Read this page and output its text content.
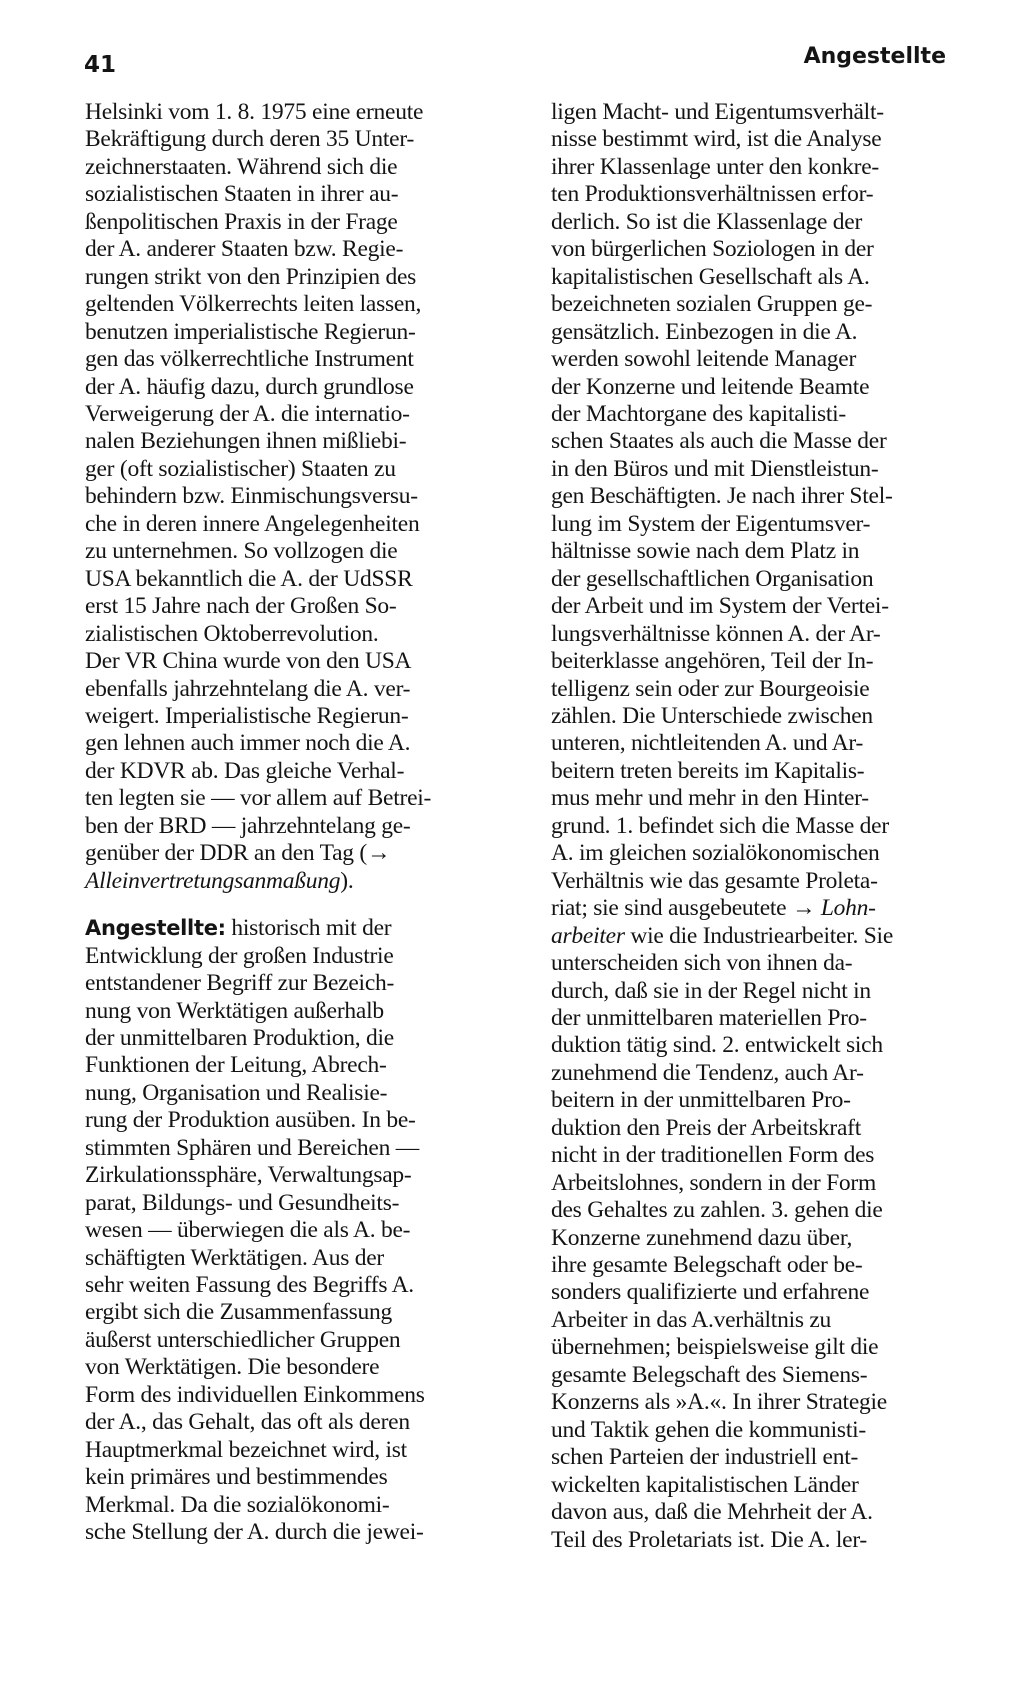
41	Angestellte

Helsinki vom 1. 8. 1975 eine erneute
Bekräftigung durch deren 35 Unter-
zeichnerstaaten. Während sich die
sozialistischen Staaten in ihrer au-
ßenpolitischen Praxis in der Frage
der A. anderer Staaten bzw. Regie-
rungen strikt von den Prinzipien des
geltenden Völkerrechts leiten lassen,
benutzen imperialistische Regierun-
gen das völkerrechtliche Instrument
der A. häufig dazu, durch grundlose
Verweigerung der A. die internatio-
nalen Beziehungen ihnen mißliebi-
ger (oft sozialistischer) Staaten zu
behindern bzw. Einmischungsversu-
che in deren innere Angelegenheiten
zu unternehmen. So vollzogen die
USA bekanntlich die A. der UdSSR
erst 15 Jahre nach der Großen So-
zialistischen Oktoberrevolution.
Der VR China wurde von den USA
ebenfalls jahrzehntelang die A. ver-
weigert. Imperialistische Regierun-
gen lehnen auch immer noch die A.
der KDVR ab. Das gleiche Verhal-
ten legten sie — vor allem auf Betrei-
ben der BRD — jahrzehntelang ge-
genüber der DDR an den Tag (→
Alleinvertretungsanmaßung).

Angestellte: historisch mit der
Entwicklung der großen Industrie
entstandener Begriff zur Bezeich-
nung von Werktätigen außerhalb
der unmittelbaren Produktion, die
Funktionen der Leitung, Abrech-
nung, Organisation und Realisie-
rung der Produktion ausüben. In be-
stimmten Sphären und Bereichen —
Zirkulationssphäre, Verwaltungsap-
parat, Bildungs- und Gesundheits-
wesen — überwiegen die als A. be-
schäftigten Werktätigen. Aus der
sehr weiten Fassung des Begriffs A.
ergibt sich die Zusammenfassung
äußerst unterschiedlicher Gruppen
von Werktätigen. Die besondere
Form des individuellen Einkommens
der A., das Gehalt, das oft als deren
Hauptmerkmal bezeichnet wird, ist
kein primäres und bestimmendes
Merkmal. Da die sozialökonomi-
sche Stellung der A. durch die jewei-

ligen Macht- und Eigentumsverhält-
nisse bestimmt wird, ist die Analyse
ihrer Klassenlage unter den konkre-
ten Produktionsverhältnissen erfor-
derlich. So ist die Klassenlage der
von bürgerlichen Soziologen in der
kapitalistischen Gesellschaft als A.
bezeichneten sozialen Gruppen ge-
gensätzlich. Einbezogen in die A.
werden sowohl leitende Manager
der Konzerne und leitende Beamte
der Machtorgane des kapitalisti-
schen Staates als auch die Masse der
in den Büros und mit Dienstleistun-
gen Beschäftigten. Je nach ihrer Stel-
lung im System der Eigentumsver-
hältnisse sowie nach dem Platz in
der gesellschaftlichen Organisation
der Arbeit und im System der Vertei-
lungsverhältnisse können A. der Ar-
beiterklasse angehören, Teil der In-
telligenz sein oder zur Bourgeoisie
zählen. Die Unterschiede zwischen
unteren, nichtleitenden A. und Ar-
beitern treten bereits im Kapitalis-
mus mehr und mehr in den Hinter-
grund. 1. befindet sich die Masse der
A. im gleichen sozialökonomischen
Verhältnis wie das gesamte Proleta-
riat; sie sind ausgebeutete → Lohn-
arbeiter wie die Industriearbeiter. Sie
unterscheiden sich von ihnen da-
durch, daß sie in der Regel nicht in
der unmittelbaren materiellen Pro-
duktion tätig sind. 2. entwickelt sich
zunehmend die Tendenz, auch Ar-
beitern in der unmittelbaren Pro-
duktion den Preis der Arbeitskraft
nicht in der traditionellen Form des
Arbeitslohnes, sondern in der Form
des Gehaltes zu zahlen. 3. gehen die
Konzerne zunehmend dazu über,
ihre gesamte Belegschaft oder be-
sonders qualifizierte und erfahrene
Arbeiter in das A.verhältnis zu
übernehmen; beispielsweise gilt die
gesamte Belegschaft des Siemens-
Konzerns als »A.«. In ihrer Strategie
und Taktik gehen die kommunisti-
schen Parteien der industriell ent-
wickelten kapitalistischen Länder
davon aus, daß die Mehrheit der A.
Teil des Proletariats ist. Die A. ler-
